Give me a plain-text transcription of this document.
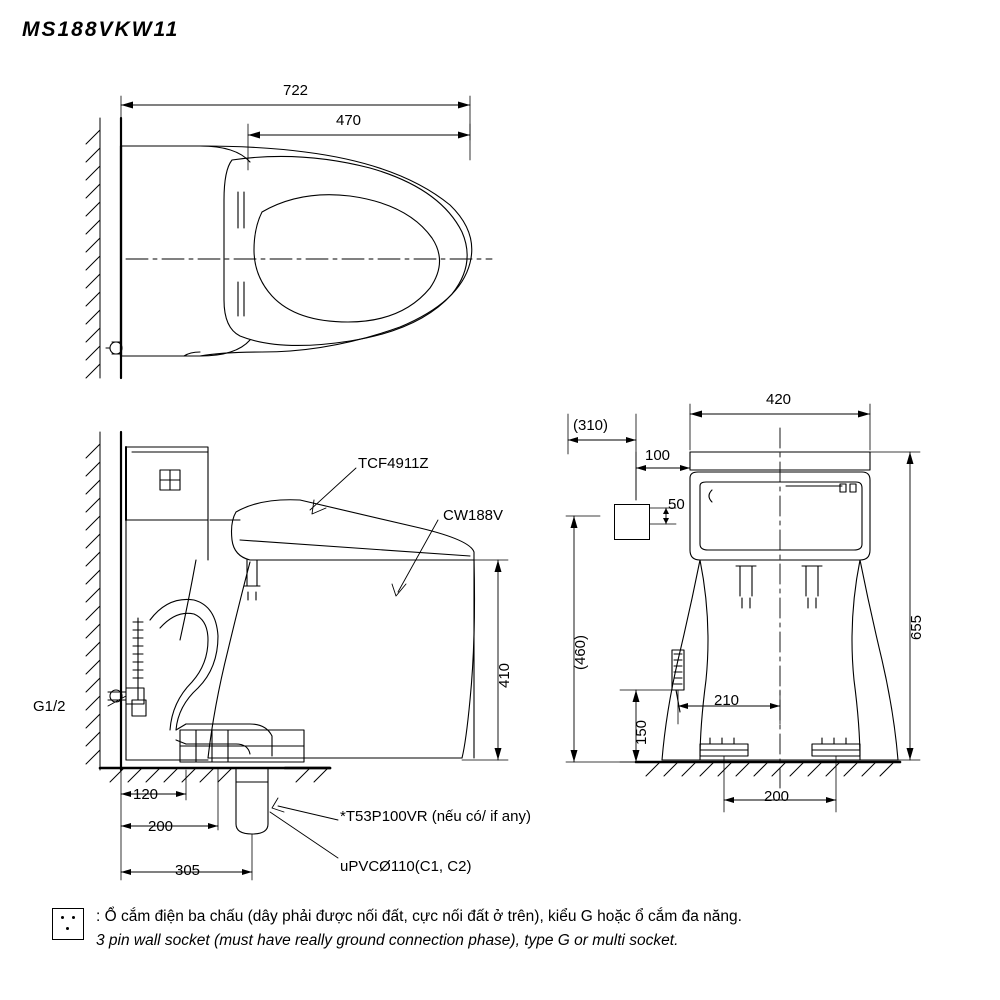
MS188VKW11
722
470
TCF4911Z
CW188V
410
G1/2
120
200
305
*T53P100VR (nếu có/ if any)
uPVCØ110(C1, C2)
420
(310)
100
50
(460)
655
150
210
200
: Ổ cắm điện ba chấu (dây phải được nối đất, cực nối đất ở trên), kiểu G hoặc ổ cắm đa năng.
3 pin wall socket (must have really ground connection phase), type G or multi socket.
